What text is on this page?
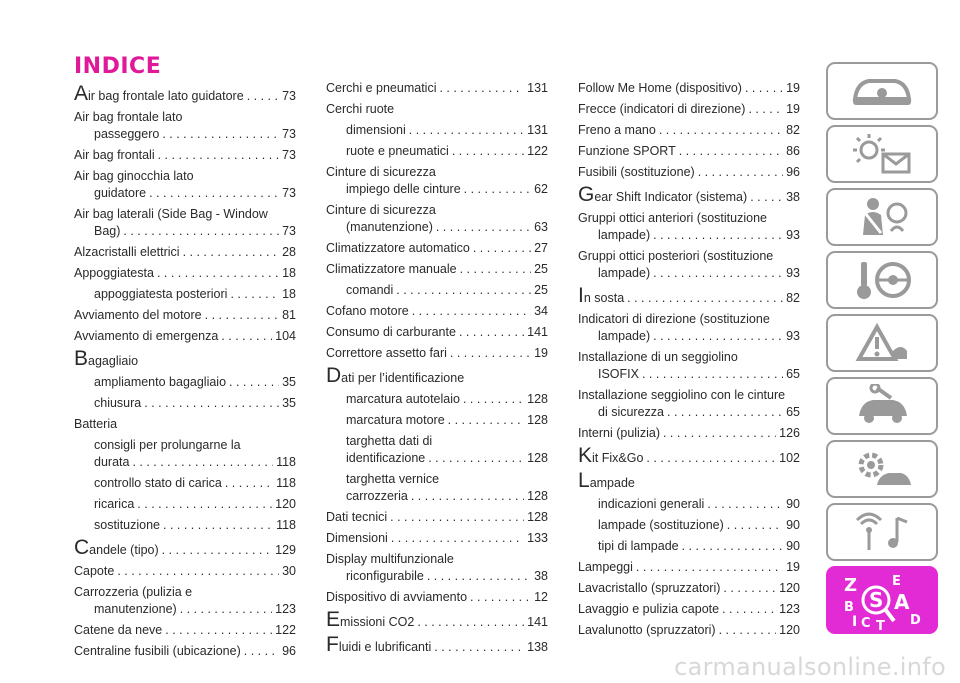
INDICE
Air bag frontale lato guidatore . . .	73
Air bag frontale lato
passeggero . . .	73
Air bag frontali . . .	73
Air bag ginocchia lato
guidatore . . .	73
Air bag laterali (Side Bag - Window
Bag) . . .	73
Alzacristalli elettrici . . .	28
Appoggiatesta . . .	18
appoggiatesta posteriori . . .	18
Avviamento del motore . . .	81
Avviamento di emergenza . . .	104
Bagagliaio
ampliamento bagagliaio . . .	35
chiusura . . .	35
Batteria
consigli per prolungarne la
durata . . .	118
controllo stato di carica . . .	118
ricarica . . .	120
sostituzione . . .	118
Candele (tipo) . . .	129
Capote . . .	30
Carrozzeria (pulizia e
manutenzione) . . .	123
Catene da neve . . .	122
Centraline fusibili (ubicazione) . . .	96
Cerchi e pneumatici . . .	131
Cerchi ruote
dimensioni . . .	131
ruote e pneumatici . . .	122
Cinture di sicurezza
impiego delle cinture . . .	62
Cinture di sicurezza
(manutenzione) . . .	63
Climatizzatore automatico . . .	27
Climatizzatore manuale . . .	25
comandi . . .	25
Cofano motore . . .	34
Consumo di carburante . . .	141
Correttore assetto fari . . .	19
Dati per l’identificazione
marcatura autotelaio . . .	128
marcatura motore . . .	128
targhetta dati di
identificazione . . .	128
targhetta vernice
carrozzeria . . .	128
Dati tecnici . . .	128
Dimensioni . . .	133
Display multifunzionale
riconfigurabile . . .	38
Dispositivo di avviamento . . .	12
Emissioni CO2 . . .	141
Fluidi e lubrificanti . . .	138
Follow Me Home (dispositivo) . . .	19
Frecce (indicatori di direzione) . . .	19
Freno a mano . . .	82
Funzione SPORT . . .	86
Fusibili (sostituzione) . . .	96
Gear Shift Indicator (sistema) . . .	38
Gruppi ottici anteriori (sostituzione
lampade) . . .	93
Gruppi ottici posteriori (sostituzione
lampade) . . .	93
In sosta . . .	82
Indicatori di direzione (sostituzione
lampade) . . .	93
Installazione di un seggiolino
ISOFIX . . .	65
Installazione seggiolino con le cinture
di sicurezza . . .	65
Interni (pulizia) . . .	126
Kit Fix&Go . . .	102
Lampade
indicazioni generali . . .	90
lampade (sostituzione) . . .	90
tipi di lampade . . .	90
Lampeggi . . .	19
Lavacristallo (spruzzatori) . . .	120
Lavaggio e pulizia capote . . .	123
Lavalunotto (spruzzatori) . . .	120
Z	E
B S A
I C T D
carmanualsonline.info
